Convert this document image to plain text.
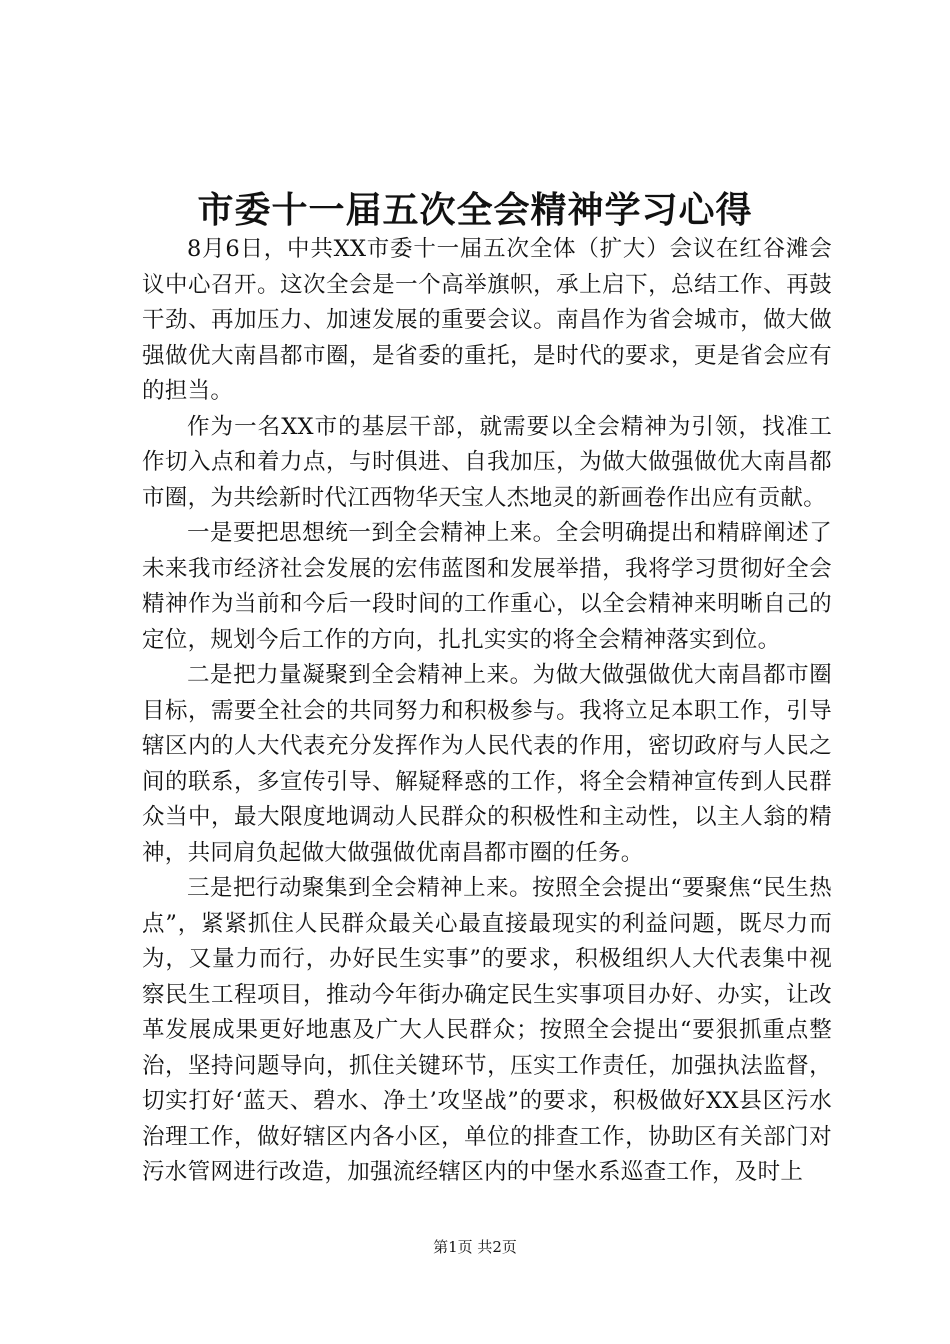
市委十一届五次全会精神学习心得

8月6日，中共XX市委十一届五次全体（扩大）会议在红谷滩会议中心召开。这次全会是一个高举旗帜，承上启下，总结工作、再鼓干劲、再加压力、加速发展的重要会议。南昌作为省会城市，做大做强做优大南昌都市圈，是省委的重托，是时代的要求，更是省会应有的担当。

作为一名XX市的基层干部，就需要以全会精神为引领，找准工作切入点和着力点，与时俱进、自我加压，为做大做强做优大南昌都市圈，为共绘新时代江西物华天宝人杰地灵的新画卷作出应有贡献。

一是要把思想统一到全会精神上来。全会明确提出和精辟阐述了未来我市经济社会发展的宏伟蓝图和发展举措，我将学习贯彻好全会精神作为当前和今后一段时间的工作重心，以全会精神来明晰自己的定位，规划今后工作的方向，扎扎实实的将全会精神落实到位。

二是把力量凝聚到全会精神上来。为做大做强做优大南昌都市圈目标，需要全社会的共同努力和积极参与。我将立足本职工作，引导辖区内的人大代表充分发挥作为人民代表的作用，密切政府与人民之间的联系，多宣传引导、解疑释惑的工作，将全会精神宣传到人民群众当中，最大限度地调动人民群众的积极性和主动性，以主人翁的精神，共同肩负起做大做强做优南昌都市圈的任务。

三是把行动聚集到全会精神上来。按照全会提出“要聚焦“民生热点”，紧紧抓住人民群众最关心最直接最现实的利益问题，既尽力而为，又量力而行，办好民生实事”的要求，积极组织人大代表集中视察民生工程项目，推动今年街办确定民生实事项目办好、办实，让改革发展成果更好地惠及广大人民群众；按照全会提出“要狠抓重点整治，坚持问题导向，抓住关键环节，压实工作责任，加强执法监督，切实打好‘蓝天、碧水、净土’攻坚战”的要求，积极做好XX县区污水治理工作，做好辖区内各小区，单位的排查工作，协助区有关部门对污水管网进行改造，加强流经辖区内的中堡水系巡查工作，及时上

第1页 共2页
